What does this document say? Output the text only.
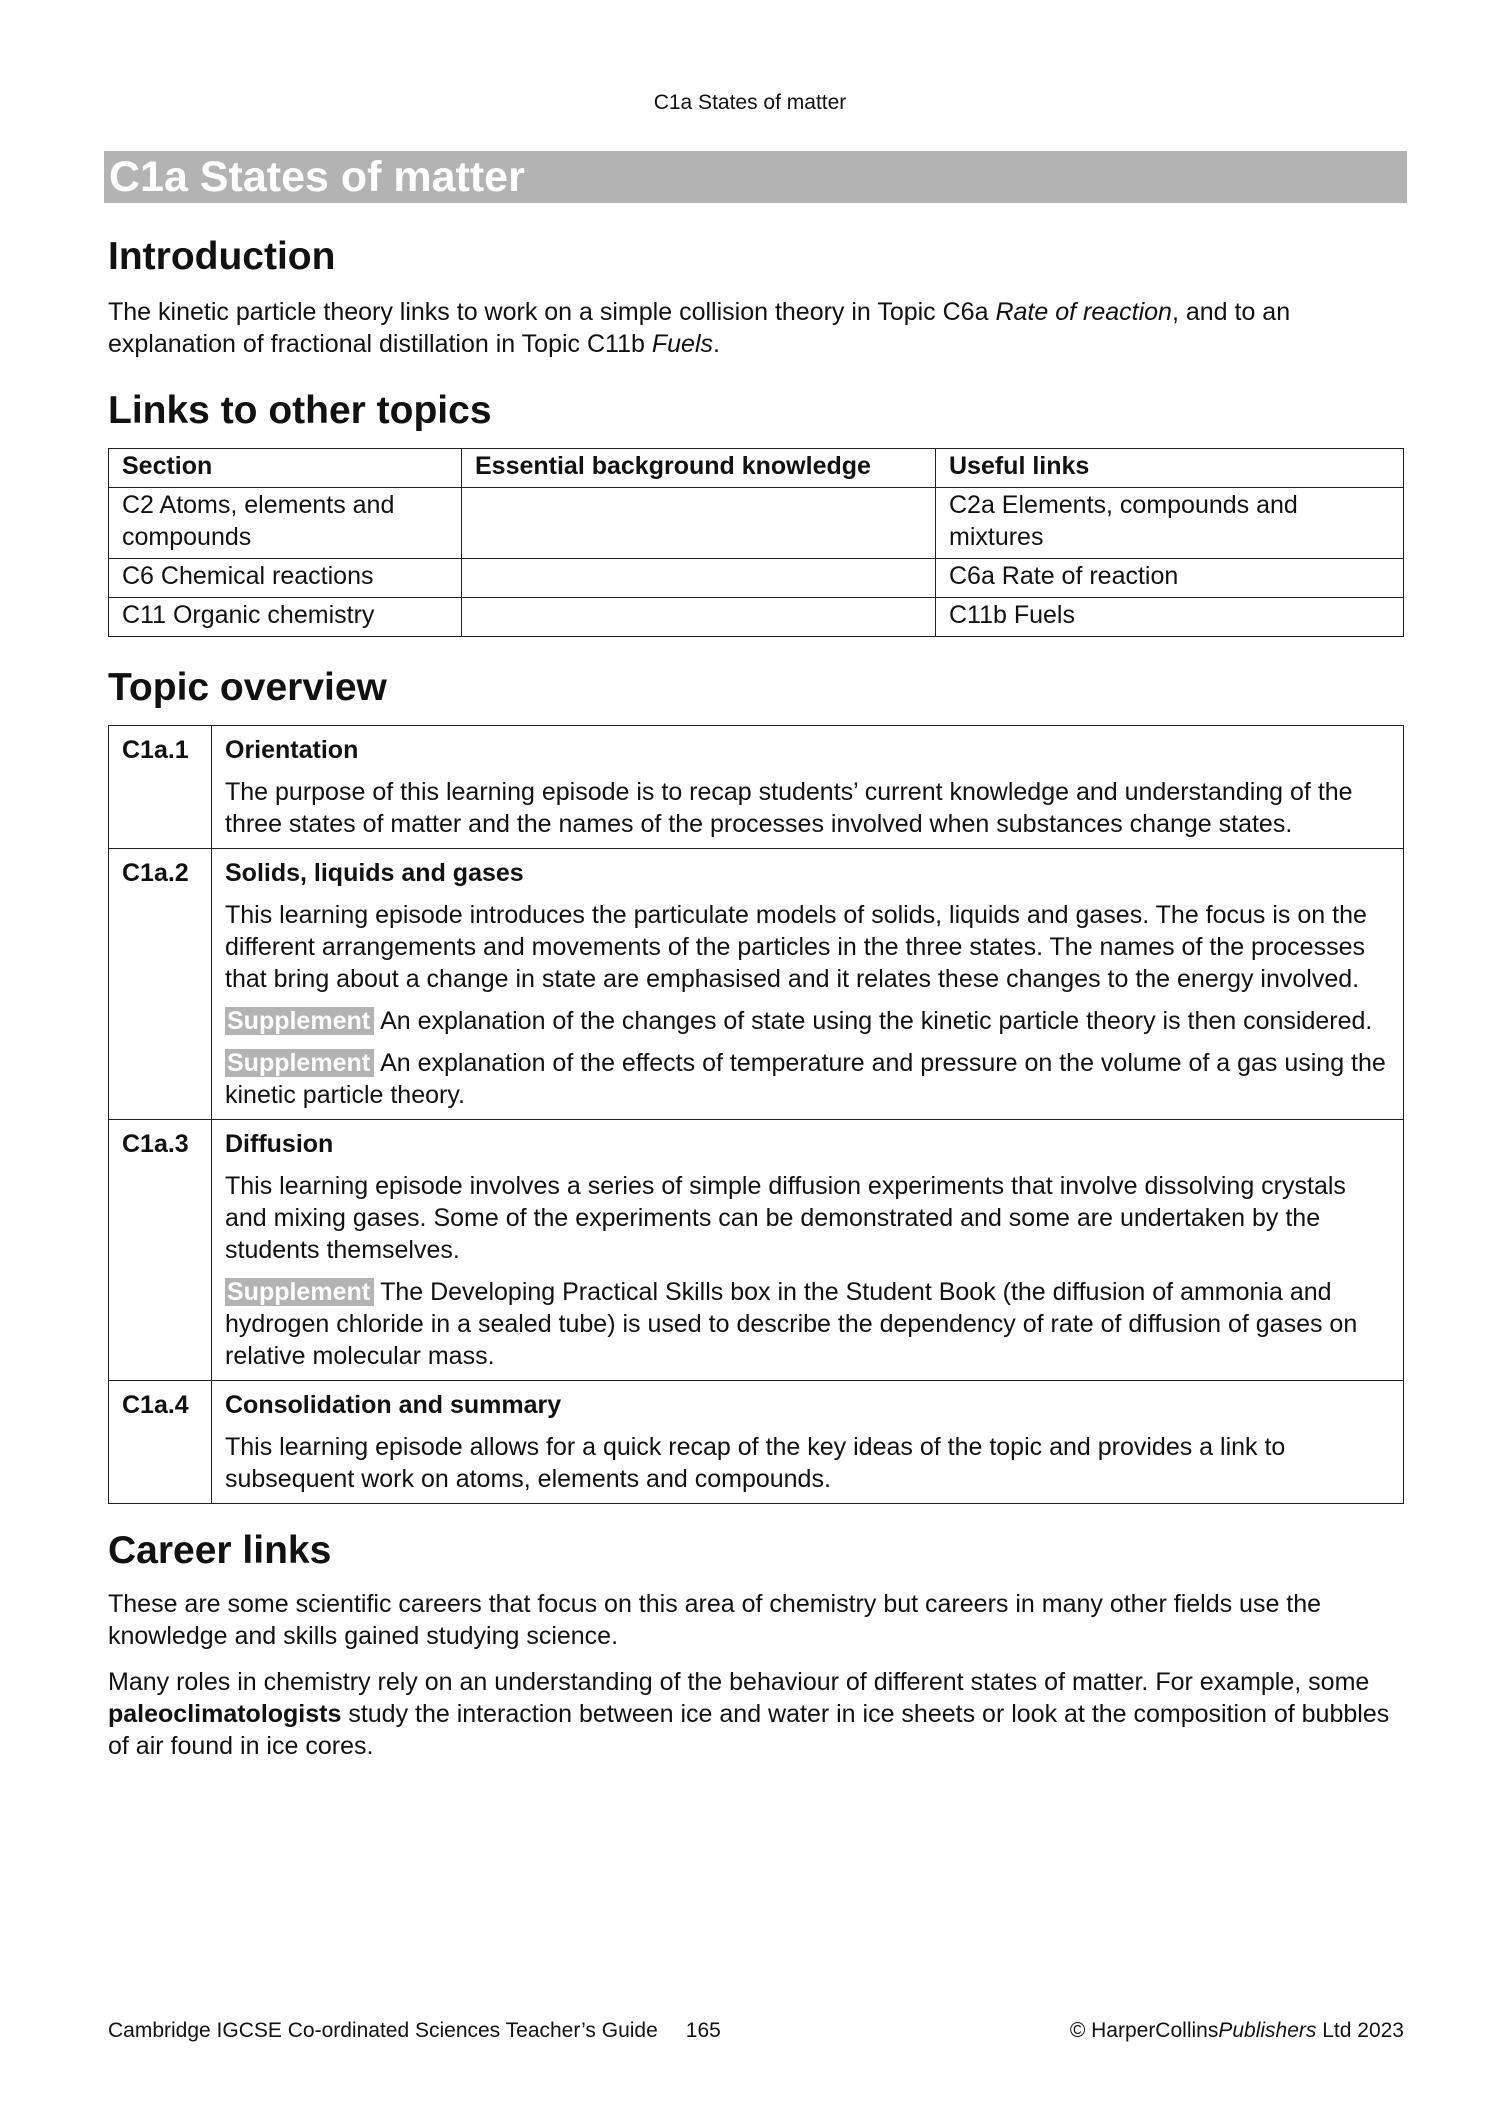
C1a States of matter
C1a States of matter
Introduction

The kinetic particle theory links to work on a simple collision theory in Topic C6a Rate of reaction, and to an explanation of fractional distillation in Topic C11b Fuels.

Links to other topics
Section	Essential background knowledge	Useful links
C2 Atoms, elements and compounds		C2a Elements, compounds and mixtures
C6 Chemical reactions		C6a Rate of reaction
C11 Organic chemistry		C11b Fuels
Topic overview
C1a.1	Orientation

The purpose of this learning episode is to recap students’ current knowledge and understanding of the three states of matter and the names of the processes involved when substances change states.

C1a.2	Solids, liquids and gases

This learning episode introduces the particulate models of solids, liquids and gases. The focus is on the different arrangements and movements of the particles in the three states. The names of the processes that bring about a change in state are emphasised and it relates these changes to the energy involved.

Supplement An explanation of the changes of state using the kinetic particle theory is then considered.

Supplement An explanation of the effects of temperature and pressure on the volume of a gas using the kinetic particle theory.

C1a.3	Diffusion

This learning episode involves a series of simple diffusion experiments that involve dissolving crystals and mixing gases. Some of the experiments can be demonstrated and some are undertaken by the students themselves.

Supplement The Developing Practical Skills box in the Student Book (the diffusion of ammonia and hydrogen chloride in a sealed tube) is used to describe the dependency of rate of diffusion of gases on relative molecular mass.

C1a.4	Consolidation and summary

This learning episode allows for a quick recap of the key ideas of the topic and provides a link to subsequent work on atoms, elements and compounds.

Career links

These are some scientific careers that focus on this area of chemistry but careers in many other fields use the knowledge and skills gained studying science.

Many roles in chemistry rely on an understanding of the behaviour of different states of matter. For example, some paleoclimatologists study the interaction between ice and water in ice sheets or look at the composition of bubbles of air found in ice cores.

Cambridge IGCSE Co-ordinated Sciences Teacher’s Guide 165	© HarperCollinsPublishers Ltd 2023
